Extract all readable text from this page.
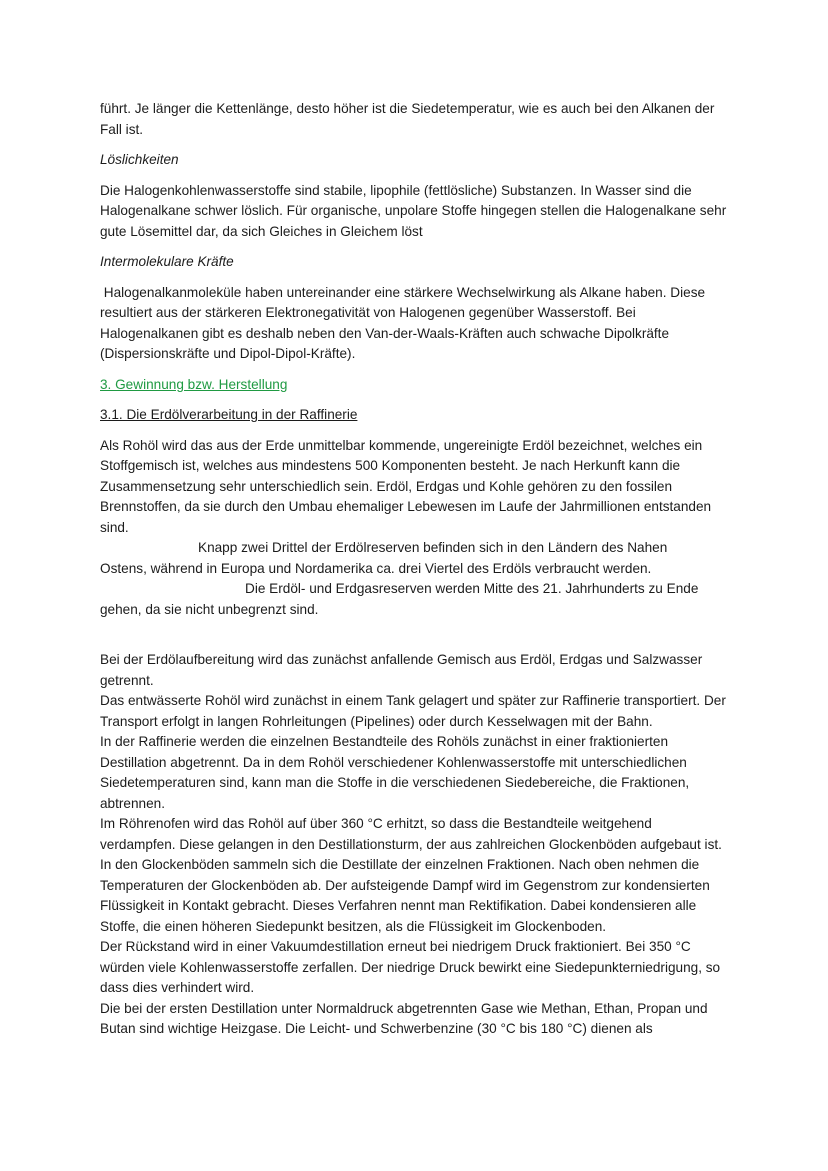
führt. Je länger die Kettenlänge, desto höher ist die Siedetemperatur, wie es auch bei den Alkanen der Fall ist.

Löslichkeiten

Die Halogenkohlenwasserstoffe sind stabile, lipophile (fettlösliche) Substanzen. In Wasser sind die Halogenalkane schwer löslich. Für organische, unpolare Stoffe hingegen stellen die Halogenalkane sehr gute Lösemittel dar, da sich Gleiches in Gleichem löst

Intermolekulare Kräfte

Halogenalkanmoleküle haben untereinander eine stärkere Wechselwirkung als Alkane haben. Diese resultiert aus der stärkeren Elektronegativität von Halogenen gegenüber Wasserstoff. Bei Halogenalkanen gibt es deshalb neben den Van-der-Waals-Kräften auch schwache Dipolkräfte (Dispersionskräfte und Dipol-Dipol-Kräfte).

3. Gewinnung bzw. Herstellung

3.1. Die Erdölverarbeitung in der Raffinerie

Als Rohöl wird das aus der Erde unmittelbar kommende, ungereinigte Erdöl bezeichnet, welches ein Stoffgemisch ist, welches aus mindestens 500 Komponenten besteht. Je nach Herkunft kann die Zusammensetzung sehr unterschiedlich sein. Erdöl, Erdgas und Kohle gehören zu den fossilen Brennstoffen, da sie durch den Umbau ehemaliger Lebewesen im Laufe der Jahrmillionen entstanden sind.

Knapp zwei Drittel der Erdölreserven befinden sich in den Ländern des Nahen

Ostens, während in Europa und Nordamerika ca. drei Viertel des Erdöls verbraucht werden.

Die Erdöl- und Erdgasreserven werden Mitte des 21. Jahrhunderts zu Ende

gehen, da sie nicht unbegrenzt sind.

Bei der Erdölaufbereitung wird das zunächst anfallende Gemisch aus Erdöl, Erdgas und Salzwasser getrennt.

Das entwässerte Rohöl wird zunächst in einem Tank gelagert und später zur Raffinerie transportiert. Der Transport erfolgt in langen Rohrleitungen (Pipelines) oder durch Kesselwagen mit der Bahn.

In der Raffinerie werden die einzelnen Bestandteile des Rohöls zunächst in einer fraktionierten Destillation abgetrennt. Da in dem Rohöl verschiedener Kohlenwasserstoffe mit unterschiedlichen Siedetemperaturen sind, kann man die Stoffe in die verschiedenen Siedebereiche, die Fraktionen, abtrennen.

Im Röhrenofen wird das Rohöl auf über 360 °C erhitzt, so dass die Bestandteile weitgehend verdampfen. Diese gelangen in den Destillationsturm, der aus zahlreichen Glockenböden aufgebaut ist. In den Glockenböden sammeln sich die Destillate der einzelnen Fraktionen. Nach oben nehmen die Temperaturen der Glockenböden ab. Der aufsteigende Dampf wird im Gegenstrom zur kondensierten Flüssigkeit in Kontakt gebracht. Dieses Verfahren nennt man Rektifikation. Dabei kondensieren alle Stoffe, die einen höheren Siedepunkt besitzen, als die Flüssigkeit im Glockenboden.

Der Rückstand wird in einer Vakuumdestillation erneut bei niedrigem Druck fraktioniert. Bei 350 °C würden viele Kohlenwasserstoffe zerfallen. Der niedrige Druck bewirkt eine Siedepunkterniedrigung, so dass dies verhindert wird.

Die bei der ersten Destillation unter Normaldruck abgetrennten Gase wie Methan, Ethan, Propan und Butan sind wichtige Heizgase. Die Leicht- und Schwerbenzine (30 °C bis 180 °C) dienen als
